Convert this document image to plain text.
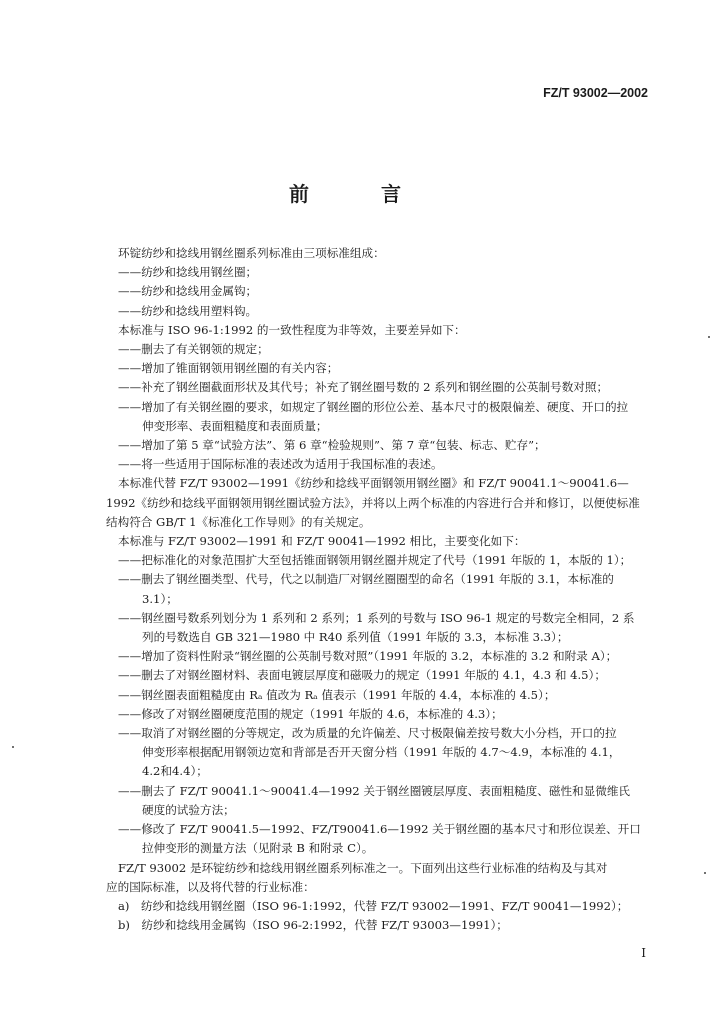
FZ/T 93002—2002
前　言

环锭纺纱和捻线用钢丝圈系列标准由三项标准组成：

——纺纱和捻线用钢丝圈；

——纺纱和捻线用金属钩；

——纺纱和捻线用塑料钩。

本标准与 ISO 96-1:1992 的一致性程度为非等效，主要差异如下：

——删去了有关钢领的规定；

——增加了锥面钢领用钢丝圈的有关内容；

——补充了钢丝圈截面形状及其代号；补充了钢丝圈号数的 2 系列和钢丝圈的公英制号数对照；

——增加了有关钢丝圈的要求，如规定了钢丝圈的形位公差、基本尺寸的极限偏差、硬度、开口的拉

伸变形率、表面粗糙度和表面质量；

——增加了第 5 章“试验方法”、第 6 章“检验规则”、第 7 章“包装、标志、贮存”；

——将一些适用于国际标准的表述改为适用于我国标准的表述。

本标准代替 FZ/T 93002—1991《纺纱和捻线平面钢领用钢丝圈》和 FZ/T 90041.1～90041.6—

1992《纺纱和捻线平面钢领用钢丝圈试验方法》，并将以上两个标准的内容进行合并和修订，以便使标准

结构符合 GB/T 1《标准化工作导则》的有关规定。

本标准与 FZ/T 93002—1991 和 FZ/T 90041—1992 相比，主要变化如下：

——把标准化的对象范围扩大至包括锥面钢领用钢丝圈并规定了代号（1991 年版的 1，本版的 1）；

——删去了钢丝圈类型、代号，代之以制造厂对钢丝圈圈型的命名（1991 年版的 3.1，本标准的

3.1）；

——钢丝圈号数系列划分为 1 系列和 2 系列；1 系列的号数与 ISO 96-1 规定的号数完全相同，2 系

列的号数选自 GB 321—1980 中 R40 系列值（1991 年版的 3.3，本标准 3.3）；

——增加了资料性附录“钢丝圈的公英制号数对照”（1991 年版的 3.2，本标准的 3.2 和附录 A）；

——删去了对钢丝圈材料、表面电镀层厚度和磁吸力的规定（1991 年版的 4.1，4.3 和 4.5）；

——钢丝圈表面粗糙度由 Rₐ 值改为 Rₐ 值表示（1991 年版的 4.4，本标准的 4.5）；

——修改了对钢丝圈硬度范围的规定（1991 年版的 4.6，本标准的 4.3）；

——取消了对钢丝圈的分等规定，改为质量的允许偏差、尺寸极限偏差按号数大小分档，开口的拉

伸变形率根据配用钢领边宽和背部是否开天窗分档（1991 年版的 4.7～4.9，本标准的 4.1，

4.2和4.4）；

——删去了 FZ/T 90041.1～90041.4—1992 关于钢丝圈镀层厚度、表面粗糙度、磁性和显微维氏

硬度的试验方法；

——修改了 FZ/T 90041.5—1992、FZ/T90041.6—1992 关于钢丝圈的基本尺寸和形位误差、开口

拉伸变形的测量方法（见附录 B 和附录 C）。

FZ/T 93002 是环锭纺纱和捻线用钢丝圈系列标准之一。下面列出这些行业标准的结构及与其对

应的国际标准，以及将代替的行业标准：

a)　纺纱和捻线用钢丝圈（ISO 96-1:1992，代替 FZ/T 93002—1991、FZ/T 90041—1992）；

b)　纺纱和捻线用金属钩（ISO 96-2:1992，代替 FZ/T 93003—1991）；

I
